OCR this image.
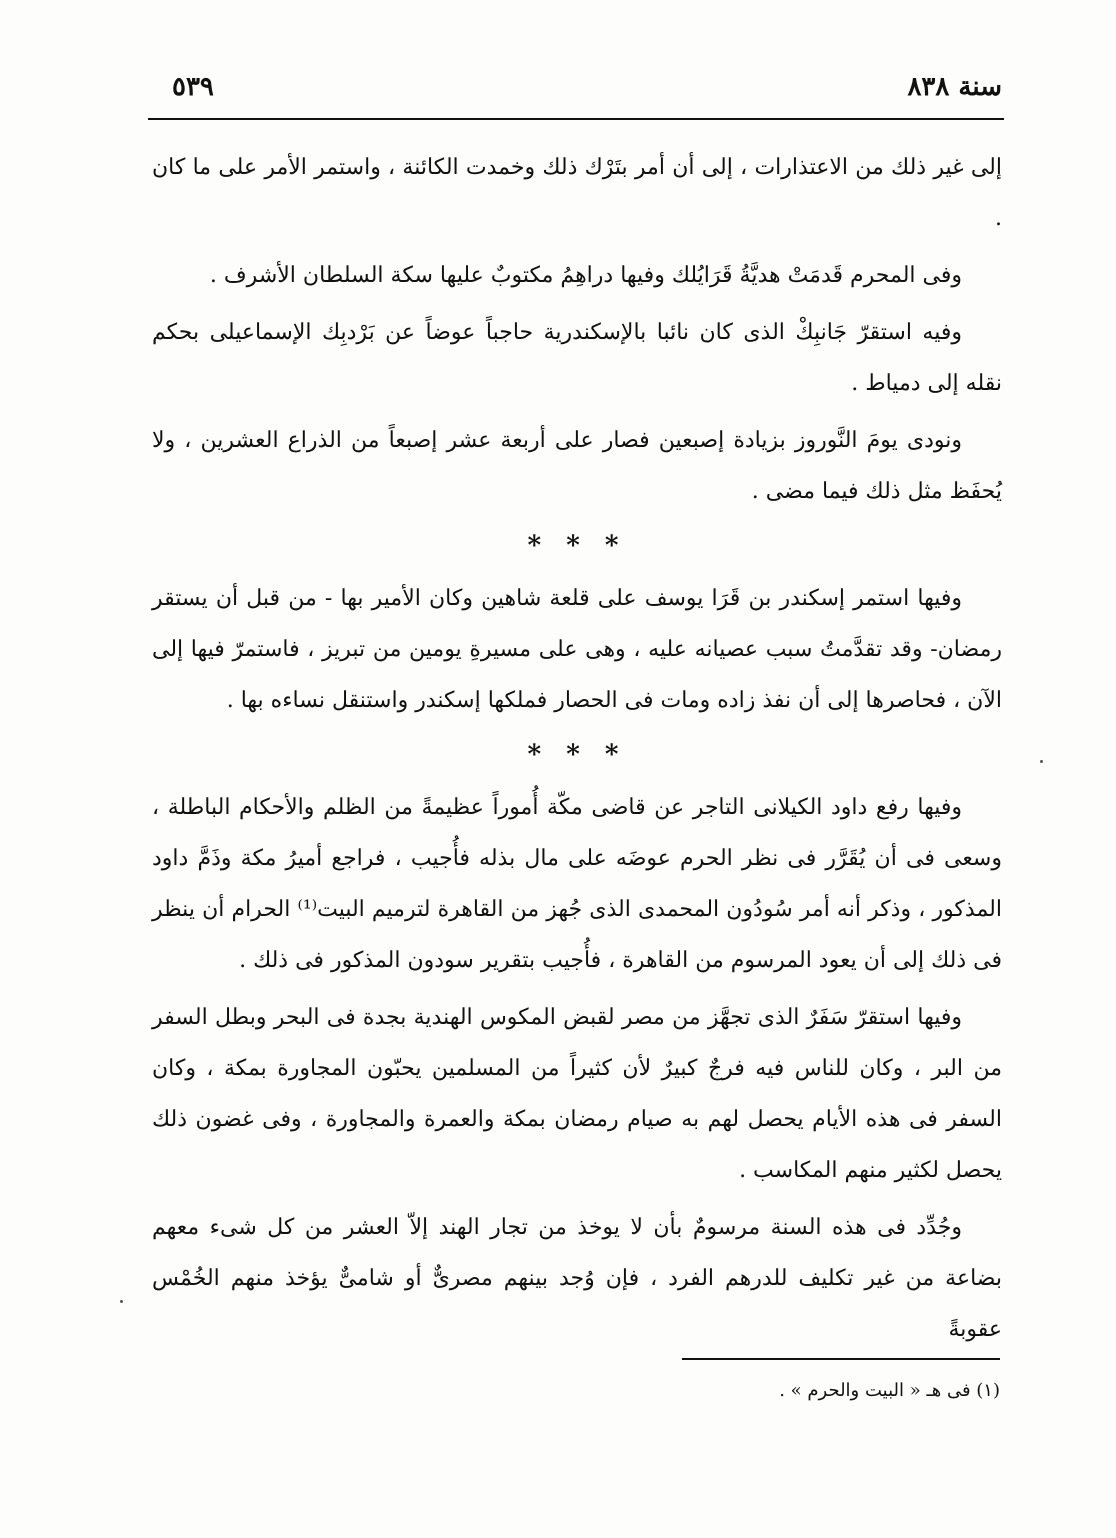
سنة ٨٣٨
٥٣٩

إلى غير ذلك من الاعتذارات ، إلى أن أمر بتَرْك ذلك وخمدت الكائنة ، واستمر الأمر على ما كان .

وفى المحرم قَدمَتْ هديَّةُ قَرَايُلك وفيها دراهِمُ مكتوبٌ عليها سكة السلطان الأشرف .

وفيه استقرّ جَانبِكْ الذى كان نائبا بالإسكندرية حاجباً عوضاً عن بَرْدبِك الإسماعيلى بحكم نقله إلى دمياط .

ونودى يومَ النَّوروز بزيادة إصبعين فصار على أربعة عشر إصبعاً من الذراع العشرين ، ولا يُحفَظ مثل ذلك فيما مضى .

* * *

وفيها استمر إسكندر بن قَرَا يوسف على قلعة شاهين وكان الأمير بها - من قبل أن يستقر رمضان- وقد تقدَّمتُ سبب عصيانه عليه ، وهى على مسيرةِ يومين من تبريز ، فاستمرّ فيها إلى الآن ، فحاصرها إلى أن نفذ زاده ومات فى الحصار فملكها إسكندر واستنقل نساءه بها .

* * *

وفيها رفع داود الكيلانى التاجر عن قاضى مكّة أُموراً عظيمةً من الظلم والأحكام الباطلة ، وسعى فى أن يُقَرَّر فى نظر الحرم عوضَه على مال بذله فأُجيب ، فراجع أميرُ مكة وذَمَّ داود المذكور ، وذكر أنه أمر سُودُون المحمدى الذى جُهز من القاهرة لترميم البيت⁽¹⁾ الحرام أن ينظر فى ذلك إلى أن يعود المرسوم من القاهرة ، فأُجيب بتقرير سودون المذكور فى ذلك .

وفيها استقرّ سَفَرٌ الذى تجهَّز من مصر لقبض المكوس الهندية بجدة فى البحر وبطل السفر من البر ، وكان للناس فيه فرجٌ كبيرٌ لأن كثيراً من المسلمين يحبّون المجاورة بمكة ، وكان السفر فى هذه الأيام يحصل لهم به صيام رمضان بمكة والعمرة والمجاورة ، وفى غضون ذلك يحصل لكثير منهم المكاسب .

وجُدِّد فى هذه السنة مرسومٌ بأن لا يوخذ من تجار الهند إلاّ العشر من كل شىء معهم بضاعة من غير تكليف للدرهم الفرد ، فإن وُجد بينهم مصرىٌّ أو شامىٌّ يؤخذ منهم الخُمْس عقوبةً

(١) فى هـ « البيت والحرم » .
